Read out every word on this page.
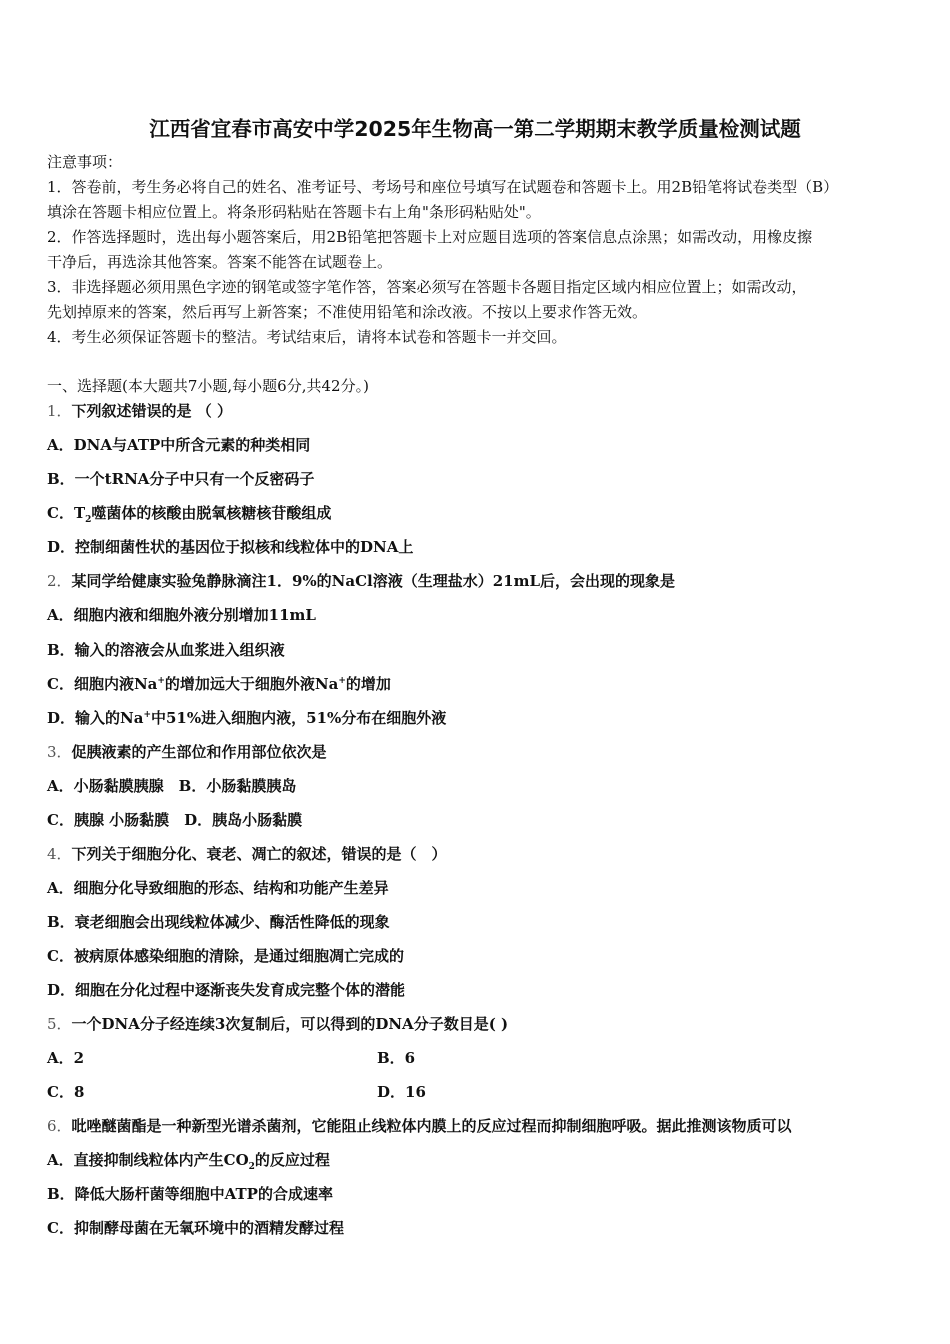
江西省宜春市高安中学2025年生物高一第二学期期末教学质量检测试题
注意事项：
1．答卷前，考生务必将自己的姓名、准考证号、考场号和座位号填写在试题卷和答题卡上。用2B铅笔将试卷类型（B）
填涂在答题卡相应位置上。将条形码粘贴在答题卡右上角"条形码粘贴处"。
2．作答选择题时，选出每小题答案后，用2B铅笔把答题卡上对应题目选项的答案信息点涂黑；如需改动，用橡皮擦
干净后，再选涂其他答案。答案不能答在试题卷上。
3．非选择题必须用黑色字迹的钢笔或签字笔作答，答案必须写在答题卡各题目指定区域内相应位置上；如需改动，
先划掉原来的答案，然后再写上新答案；不准使用铅笔和涂改液。不按以上要求作答无效。
4．考生必须保证答题卡的整洁。考试结束后，请将本试卷和答题卡一并交回。
一、选择题(本大题共7小题,每小题6分,共42分。)
1．下列叙述错误的是 （ ）
A．DNA与ATP中所含元素的种类相同
B．一个tRNA分子中只有一个反密码子
C．$T_2$噬菌体的核酸由脱氧核糖核苷酸组成
D．控制细菌性状的基因位于拟核和线粒体中的DNA上
2．某同学给健康实验兔静脉滴注1．9%的NaCl溶液（生理盐水）21mL后，会出现的现象是
A．细胞内液和细胞外液分别增加11mL
B．输入的溶液会从血浆进入组织液
C．细胞内液Na+的增加远大于细胞外液Na+的增加
D．输入的Na+中51%进入细胞内液，51%分布在细胞外液
3．促胰液素的产生部位和作用部位依次是
A．小肠黏膜胰腺　B．小肠黏膜胰岛
C．胰腺 小肠黏膜　D．胰岛小肠黏膜
4．下列关于细胞分化、衰老、凋亡的叙述，错误的是（　）
A．细胞分化导致细胞的形态、结构和功能产生差异
B．衰老细胞会出现线粒体减少、酶活性降低的现象
C．被病原体感染细胞的清除，是通过细胞凋亡完成的
D．细胞在分化过程中逐渐丧失发育成完整个体的潜能
5．一个DNA分子经连续3次复制后，可以得到的DNA分子数目是( )
A．2	B．6
C．8	D．16
6．吡唑醚菌酯是一种新型光谱杀菌剂，它能阻止线粒体内膜上的反应过程而抑制细胞呼吸。据此推测该物质可以
A．直接抑制线粒体内产生$CO_2$的反应过程
B．降低大肠杆菌等细胞中ATP的合成速率
C．抑制酵母菌在无氧环境中的酒精发酵过程
